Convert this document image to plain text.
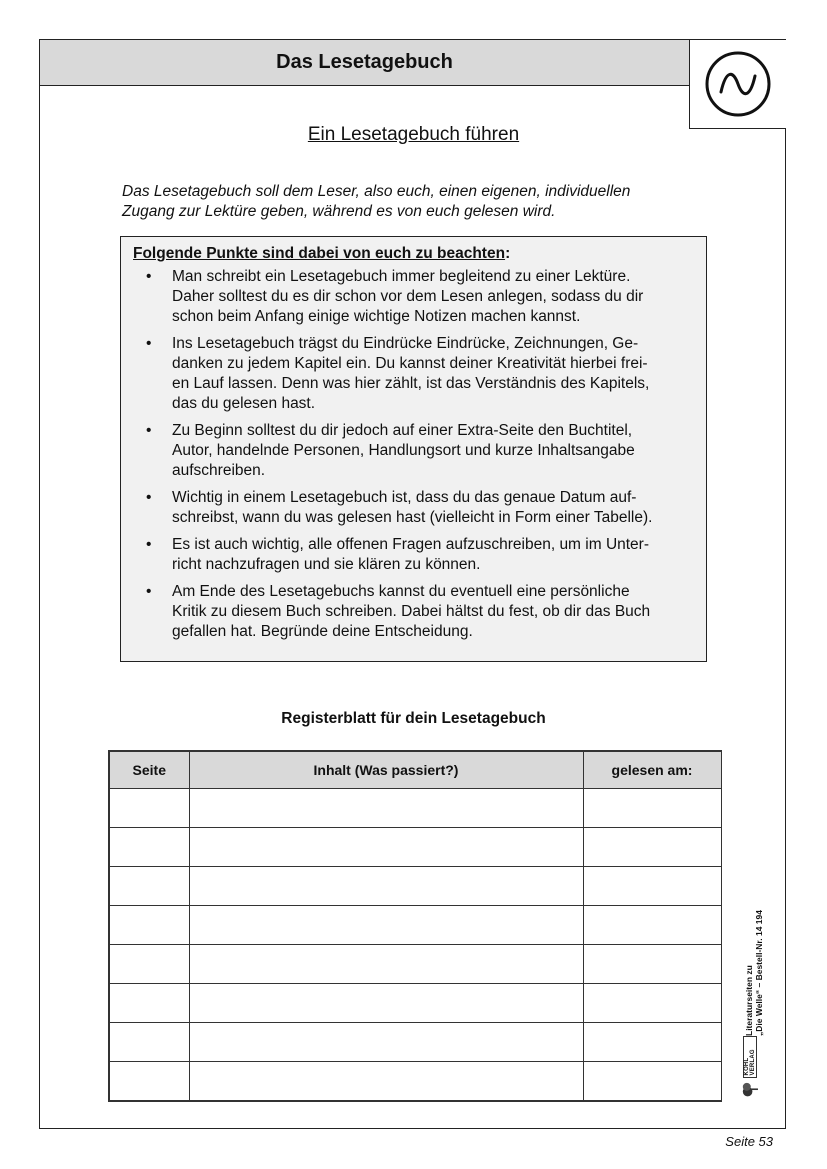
Das Lesetagebuch
Ein Lesetagebuch führen
Das Lesetagebuch soll dem Leser, also euch, einen eigenen, individuellen
Zugang zur Lektüre geben, während es von euch gelesen wird.

Folgende Punkte sind dabei von euch zu beachten:

• Man schreibt ein Lesetagebuch immer begleitend zu einer Lektüre.
Daher solltest du es dir schon vor dem Lesen anlegen, sodass du dir
schon beim Anfang einige wichtige Notizen machen kannst.
• Ins Lesetagebuch trägst du Eindrücke Eindrücke, Zeichnungen, Ge-
danken zu jedem Kapitel ein. Du kannst deiner Kreativität hierbei frei-
en Lauf lassen. Denn was hier zählt, ist das Verständnis des Kapitels,
das du gelesen hast.
• Zu Beginn solltest du dir jedoch auf einer Extra-Seite den Buchtitel,
Autor, handelnde Personen, Handlungsort und kurze Inhaltsangabe
aufschreiben.
• Wichtig in einem Lesetagebuch ist, dass du das genaue Datum auf-
schreibst, wann du was gelesen hast (vielleicht in Form einer Tabelle).
• Es ist auch wichtig, alle offenen Fragen aufzuschreiben, um im Unter-
richt nachzufragen und sie klären zu können.
• Am Ende des Lesetagebuchs kannst du eventuell eine persönliche
Kritik zu diesem Buch schreiben. Dabei hältst du fest, ob dir das Buch
gefallen hat. Begründe deine Entscheidung.
Registerblatt für dein Lesetagebuch
Seite	Inhalt (Was passiert?)	gelesen am:

KOHL VERLAG
Literaturseiten zu „Die Welle“ – Bestell-Nr. 14 194
Seite 53
